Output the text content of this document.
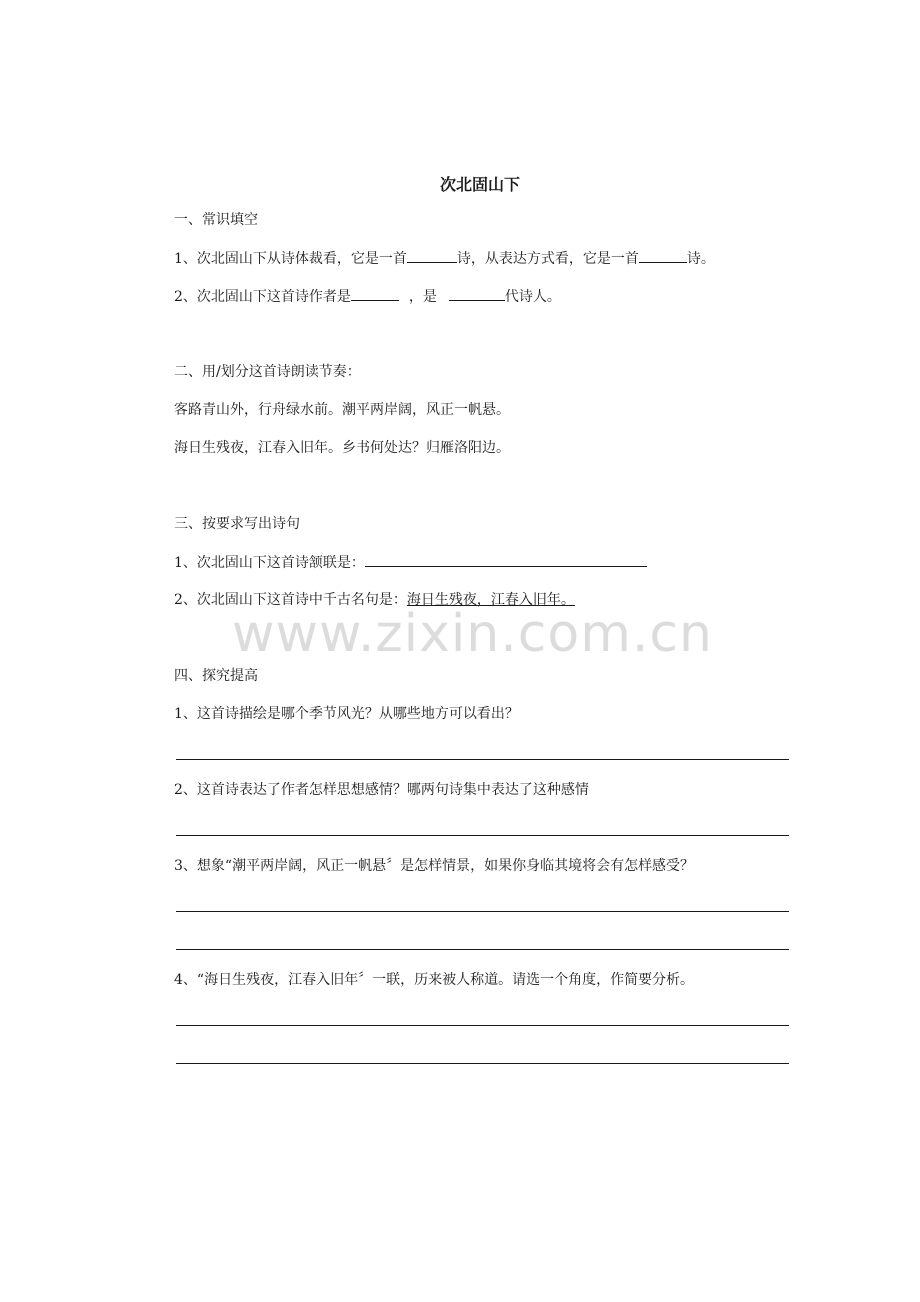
次北固山下
一、常识填空
1、次北固山下从诗体裁看，它是一首	诗，从表达方式看，它是一首	诗。
2、次北固山下这首诗作者是	，是	代诗人。
二、用/划分这首诗朗读节奏：
客路青山外，行舟绿水前。潮平两岸阔，风正一帆悬。
海日生残夜，江春入旧年。乡书何处达？归雁洛阳边。
三、按要求写出诗句
1、次北固山下这首诗颔联是：
2、次北固山下这首诗中千古名句是：海日生残夜，江春入旧年。
www.zixin.com.cn
四、探究提高
1、这首诗描绘是哪个季节风光？从哪些地方可以看出？
2、这首诗表达了作者怎样思想感情？哪两句诗集中表达了这种感情
3、想象“潮平两岸阔，风正一帆悬〞是怎样情景，如果你身临其境将会有怎样感受？
4、“海日生残夜，江春入旧年〞一联，历来被人称道。请选一个角度，作简要分析。
